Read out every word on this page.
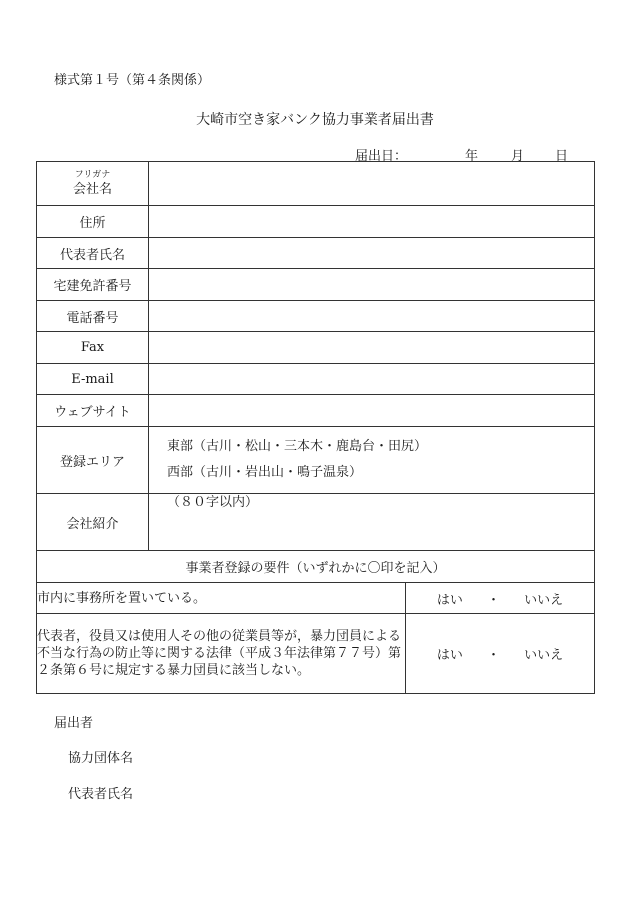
様式第１号（第４条関係）
大崎市空き家バンク協力事業者届出書
届出日：	年	月 日
フリガナ
会社名		

住所		
代表者氏名		
宅建免許番号		
電話番号		
Fax		
E-mail		
ウェブサイト		
登録エリア	東部（古川・松山・三本木・鹿島台・田尻）
西部（古川・岩出山・鳴子温泉）	

会社紹介	（８０字以内）	
事業者登録の要件（いずれかに〇印を記入）		
市内に事務所を置いている。		はい ・ いいえ
代表者，役員又は使用人その他の従業員等が，暴力団員による不当な行為の防止等に関する法律（平成３年法律第７７号）第２条第６号に規定する暴力団員に該当しない。		はい ・ いいえ
届出者
協力団体名
代表者氏名
